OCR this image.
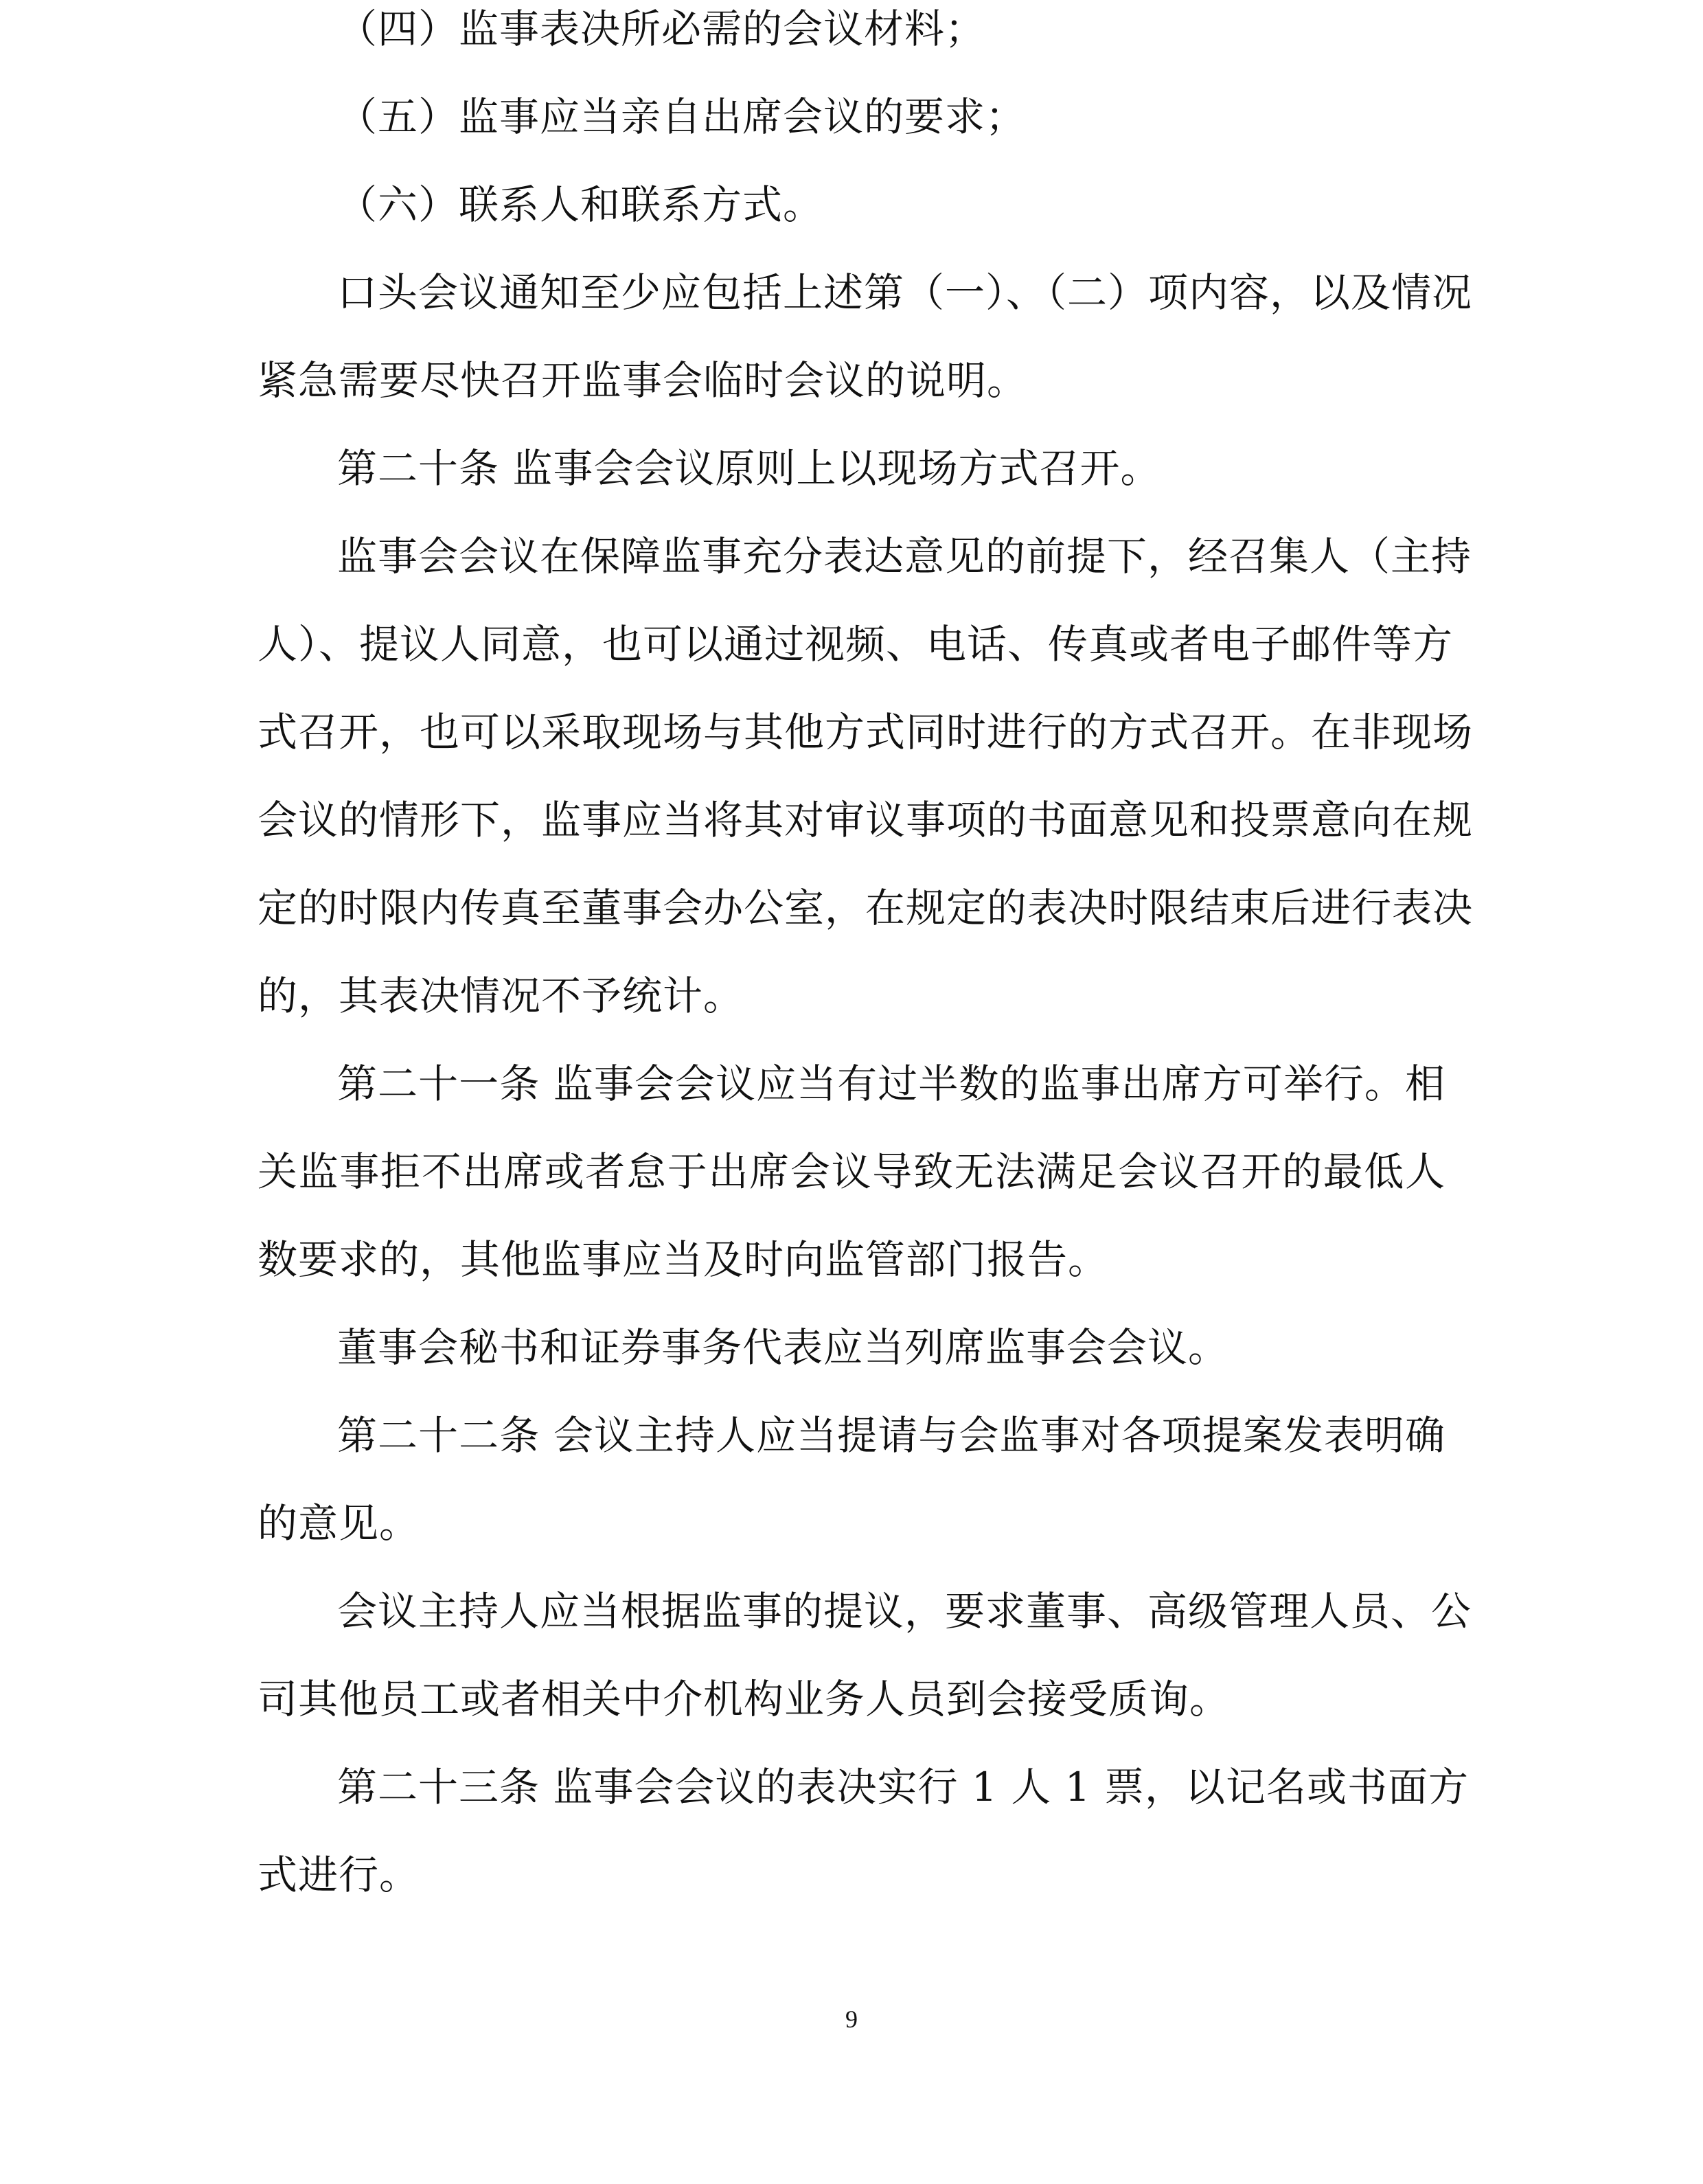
（四）监事表决所必需的会议材料；
（五）监事应当亲自出席会议的要求；
（六）联系人和联系方式。
口头会议通知至少应包括上述第（一）、（二）项内容，以及情况
紧急需要尽快召开监事会临时会议的说明。
第二十条 监事会会议原则上以现场方式召开。
监事会会议在保障监事充分表达意见的前提下，经召集人（主持
人）、提议人同意，也可以通过视频、电话、传真或者电子邮件等方
式召开，也可以采取现场与其他方式同时进行的方式召开。在非现场
会议的情形下，监事应当将其对审议事项的书面意见和投票意向在规
定的时限内传真至董事会办公室，在规定的表决时限结束后进行表决
的，其表决情况不予统计。
第二十一条 监事会会议应当有过半数的监事出席方可举行。相
关监事拒不出席或者怠于出席会议导致无法满足会议召开的最低人
数要求的，其他监事应当及时向监管部门报告。
董事会秘书和证券事务代表应当列席监事会会议。
第二十二条 会议主持人应当提请与会监事对各项提案发表明确
的意见。
会议主持人应当根据监事的提议，要求董事、高级管理人员、公
司其他员工或者相关中介机构业务人员到会接受质询。
第二十三条 监事会会议的表决实行 1 人 1 票，以记名或书面方
式进行。
9
